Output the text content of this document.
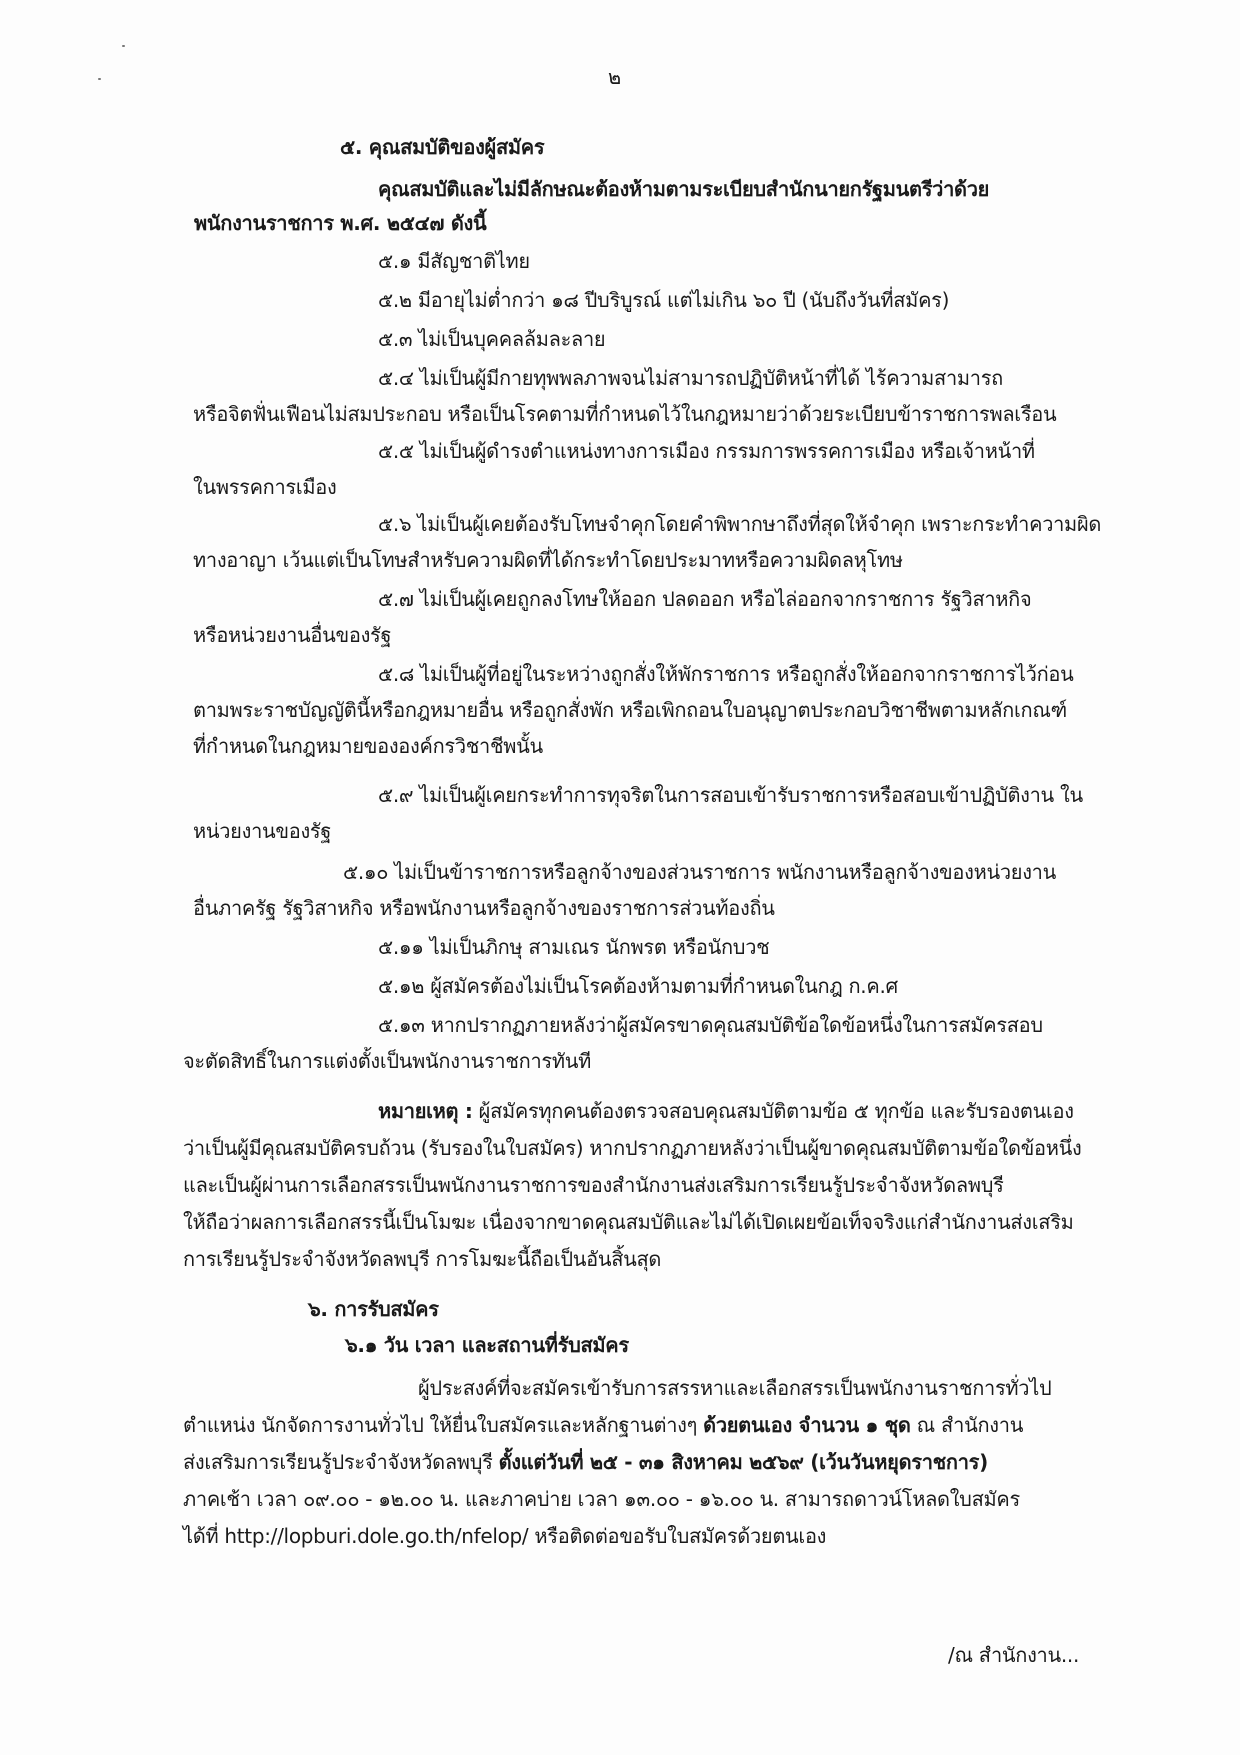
๒
๕. คุณสมบัติของผู้สมัคร
คุณสมบัติและไม่มีลักษณะต้องห้ามตามระเบียบสำนักนายกรัฐมนตรีว่าด้วย
พนักงานราชการ พ.ศ. ๒๕๔๗ ดังนี้
๕.๑ มีสัญชาติไทย
๕.๒ มีอายุไม่ต่ำกว่า ๑๘ ปีบริบูรณ์ แต่ไม่เกิน ๖๐ ปี (นับถึงวันที่สมัคร)
๕.๓ ไม่เป็นบุคคลล้มละลาย
๕.๔ ไม่เป็นผู้มีกายทุพพลภาพจนไม่สามารถปฏิบัติหน้าที่ได้ ไร้ความสามารถ
หรือจิตฟั่นเฟือนไม่สมประกอบ หรือเป็นโรคตามที่กำหนดไว้ในกฎหมายว่าด้วยระเบียบข้าราชการพลเรือน
๕.๕ ไม่เป็นผู้ดำรงตำแหน่งทางการเมือง กรรมการพรรคการเมือง หรือเจ้าหน้าที่
ในพรรคการเมือง
๕.๖ ไม่เป็นผู้เคยต้องรับโทษจำคุกโดยคำพิพากษาถึงที่สุดให้จำคุก เพราะกระทำความผิด
ทางอาญา เว้นแต่เป็นโทษสำหรับความผิดที่ได้กระทำโดยประมาทหรือความผิดลหุโทษ
๕.๗ ไม่เป็นผู้เคยถูกลงโทษให้ออก ปลดออก หรือไล่ออกจากราชการ รัฐวิสาหกิจ
หรือหน่วยงานอื่นของรัฐ
๕.๘ ไม่เป็นผู้ที่อยู่ในระหว่างถูกสั่งให้พักราชการ หรือถูกสั่งให้ออกจากราชการไว้ก่อน
ตามพระราชบัญญัตินี้หรือกฎหมายอื่น หรือถูกสั่งพัก หรือเพิกถอนใบอนุญาตประกอบวิชาชีพตามหลักเกณฑ์
ที่กำหนดในกฎหมายขององค์กรวิชาชีพนั้น
๕.๙ ไม่เป็นผู้เคยกระทำการทุจริตในการสอบเข้ารับราชการหรือสอบเข้าปฏิบัติงาน ใน
หน่วยงานของรัฐ
๕.๑๐ ไม่เป็นข้าราชการหรือลูกจ้างของส่วนราชการ พนักงานหรือลูกจ้างของหน่วยงาน
อื่นภาครัฐ รัฐวิสาหกิจ หรือพนักงานหรือลูกจ้างของราชการส่วนท้องถิ่น
๕.๑๑ ไม่เป็นภิกษุ สามเณร นักพรต หรือนักบวช
๕.๑๒ ผู้สมัครต้องไม่เป็นโรคต้องห้ามตามที่กำหนดในกฎ ก.ค.ศ
๕.๑๓ หากปรากฏภายหลังว่าผู้สมัครขาดคุณสมบัติข้อใดข้อหนึ่งในการสมัครสอบ
จะตัดสิทธิ์ในการแต่งตั้งเป็นพนักงานราชการทันที
หมายเหตุ : ผู้สมัครทุกคนต้องตรวจสอบคุณสมบัติตามข้อ ๕ ทุกข้อ และรับรองตนเอง
ว่าเป็นผู้มีคุณสมบัติครบถ้วน (รับรองในใบสมัคร) หากปรากฏภายหลังว่าเป็นผู้ขาดคุณสมบัติตามข้อใดข้อหนึ่ง
และเป็นผู้ผ่านการเลือกสรรเป็นพนักงานราชการของสำนักงานส่งเสริมการเรียนรู้ประจำจังหวัดลพบุรี
ให้ถือว่าผลการเลือกสรรนี้เป็นโมฆะ เนื่องจากขาดคุณสมบัติและไม่ได้เปิดเผยข้อเท็จจริงแก่สำนักงานส่งเสริม
การเรียนรู้ประจำจังหวัดลพบุรี การโมฆะนี้ถือเป็นอันสิ้นสุด
๖. การรับสมัคร
๖.๑ วัน เวลา และสถานที่รับสมัคร
ผู้ประสงค์ที่จะสมัครเข้ารับการสรรหาและเลือกสรรเป็นพนักงานราชการทั่วไป
ตำแหน่ง นักจัดการงานทั่วไป ให้ยื่นใบสมัครและหลักฐานต่างๆ ด้วยตนเอง จำนวน ๑ ชุด ณ สำนักงาน
ส่งเสริมการเรียนรู้ประจำจังหวัดลพบุรี ตั้งแต่วันที่ ๒๕ - ๓๑ สิงหาคม ๒๕๖๙ (เว้นวันหยุดราชการ)
ภาคเช้า เวลา ๐๙.๐๐ - ๑๒.๐๐ น. และภาคบ่าย เวลา ๑๓.๐๐ - ๑๖.๐๐ น. สามารถดาวน์โหลดใบสมัคร
ได้ที่ http://lopburi.dole.go.th/nfelop/ หรือติดต่อขอรับใบสมัครด้วยตนเอง
/ณ สำนักงาน...
